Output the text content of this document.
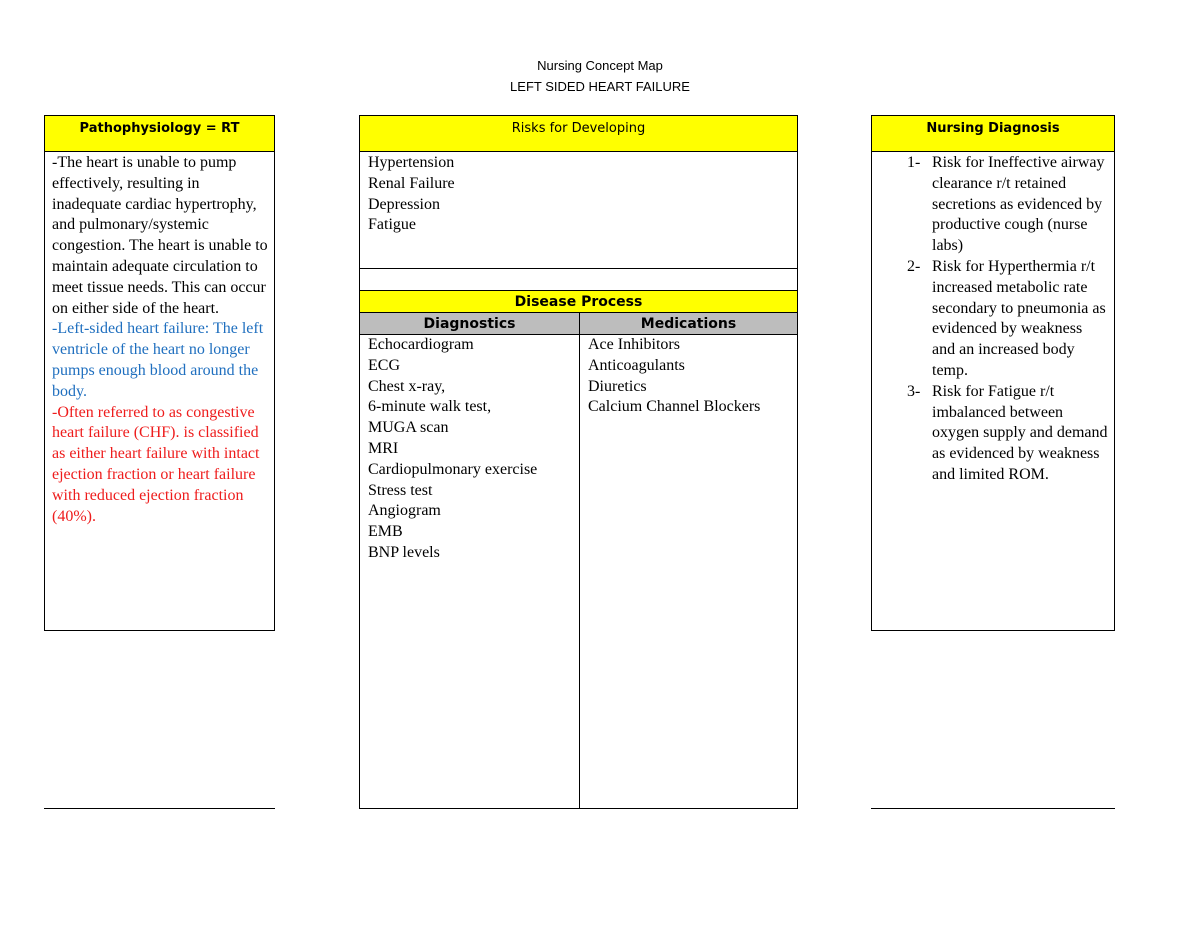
Nursing Concept Map
LEFT SIDED HEART FAILURE
Pathophysiology = RT
-The heart is unable to pump effectively, resulting in inadequate cardiac hypertrophy, and pulmonary/systemic congestion. The heart is unable to maintain adequate circulation to meet tissue needs. This can occur on either side of the heart.
-Left-sided heart failure: The left ventricle of the heart no longer pumps enough blood around the body.
-Often referred to as congestive heart failure (CHF). is classified as either heart failure with intact ejection fraction or heart failure with reduced ejection fraction (40%).
Risks for Developing
Hypertension
Renal Failure
Depression
Fatigue
Disease Process
Diagnostics	Medications
Echocardiogram
ECG
Chest x-ray,
6-minute walk test,
MUGA scan
MRI
Cardiopulmonary exercise
Stress test
Angiogram
EMB
BNP levels
Ace Inhibitors
Anticoagulants
Diuretics
Calcium Channel Blockers
Nursing Diagnosis
1- Risk for Ineffective airway clearance r/t retained secretions as evidenced by productive cough (nurse labs)
2- Risk for Hyperthermia r/t increased metabolic rate secondary to pneumonia as evidenced by weakness and an increased body temp.
3- Risk for Fatigue r/t imbalanced between oxygen supply and demand as evidenced by weakness and limited ROM.
